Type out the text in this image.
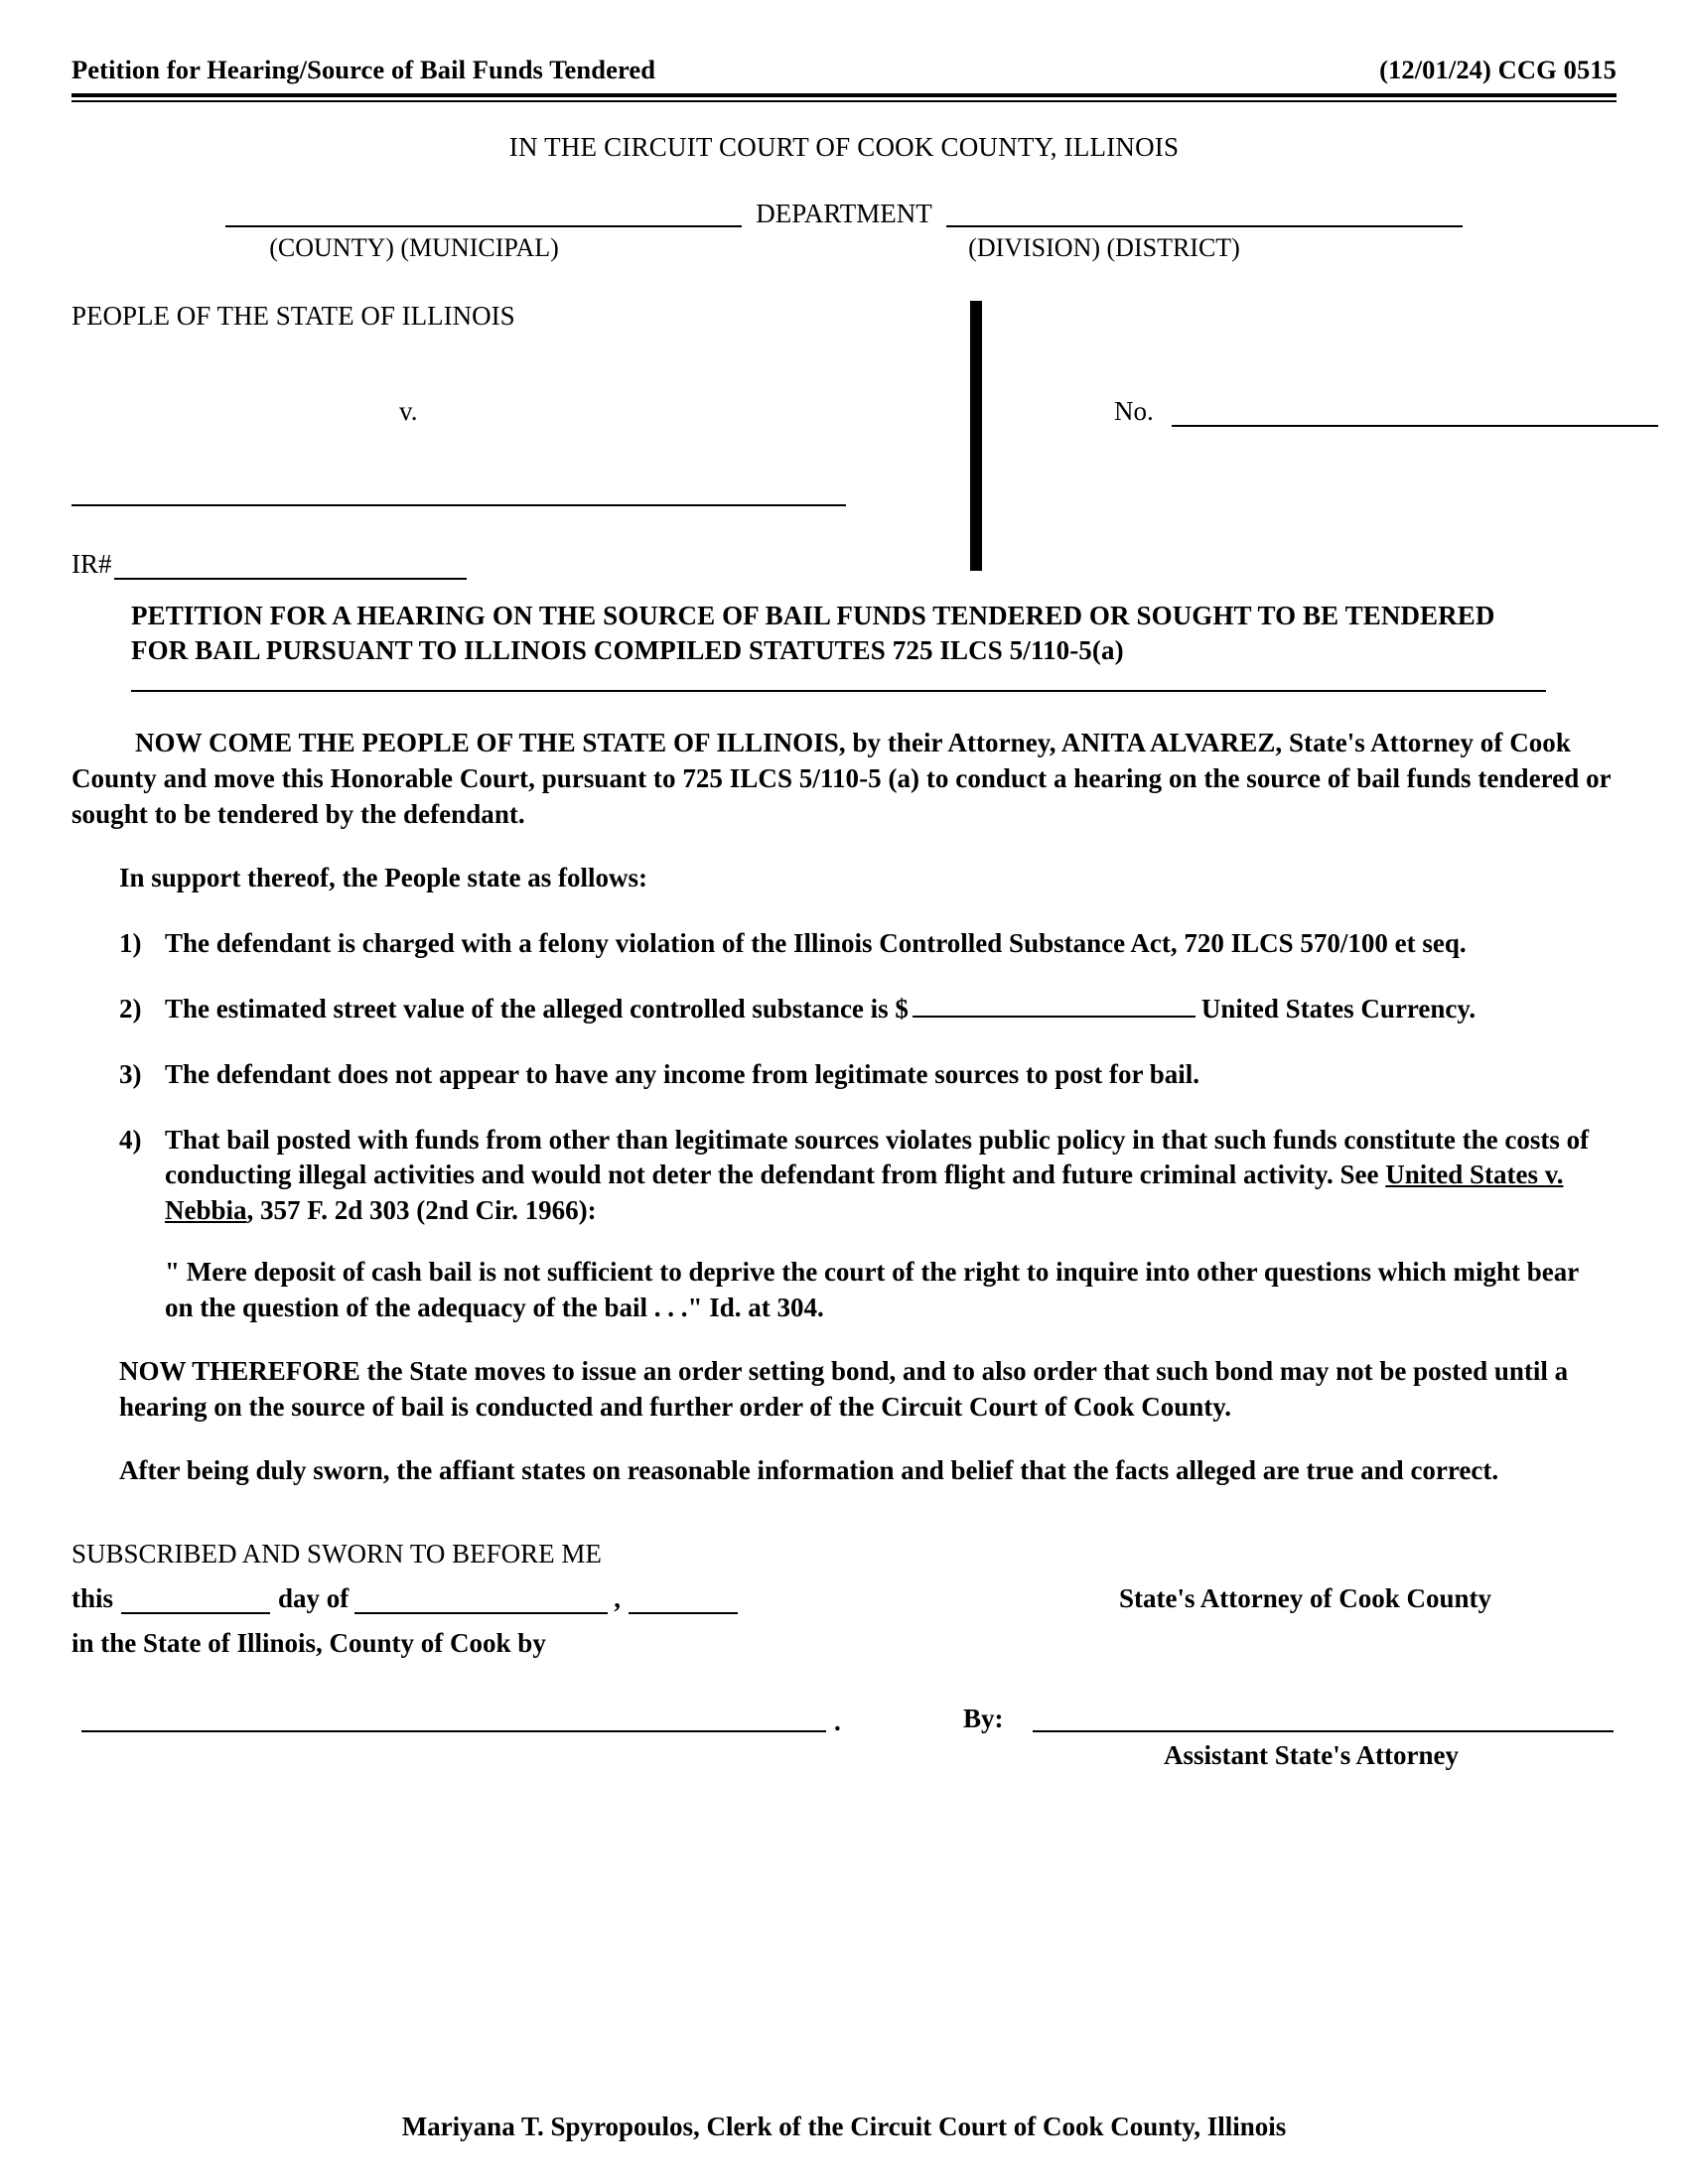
Petition for Hearing/Source of Bail Funds Tendered	(12/01/24) CCG 0515
IN THE CIRCUIT COURT OF COOK COUNTY, ILLINOIS
DEPARTMENT
(COUNTY) (MUNICIPAL)	(DIVISION) (DISTRICT)
PEOPLE OF THE STATE OF ILLINOIS
v.
IR#
No.
PETITION FOR A HEARING ON THE SOURCE OF BAIL FUNDS TENDERED OR SOUGHT TO BE TENDERED FOR BAIL PURSUANT TO ILLINOIS COMPILED STATUTES 725 ILCS 5/110-5(a)
NOW COME THE PEOPLE OF THE STATE OF ILLINOIS, by their Attorney, ANITA ALVAREZ, State's Attorney of Cook County and move this Honorable Court, pursuant to 725 ILCS 5/110-5 (a) to conduct a hearing on the source of bail funds tendered or sought to be tendered by the defendant.
In support thereof, the People state as follows:
1) The defendant is charged with a felony violation of the Illinois Controlled Substance Act, 720 ILCS 570/100 et seq.
2) The estimated street value of the alleged controlled substance is $	United States Currency.
3) The defendant does not appear to have any income from legitimate sources to post for bail.
4) That bail posted with funds from other than legitimate sources violates public policy in that such funds constitute the costs of conducting illegal activities and would not deter the defendant from flight and future criminal activity. See United States v. Nebbia, 357 F. 2d 303 (2nd Cir. 1966):
" Mere deposit of cash bail is not sufficient to deprive the court of the right to inquire into other questions which might bear on the question of the adequacy of the bail . . ." Id. at 304.
NOW THEREFORE the State moves to issue an order setting bond, and to also order that such bond may not be posted until a hearing on the source of bail is conducted and further order of the Circuit Court of Cook County.
After being duly sworn, the affiant states on reasonable information and belief that the facts alleged are true and correct.
SUBSCRIBED AND SWORN TO BEFORE ME
this	day of	,	State's Attorney of Cook County
in the State of Illinois, County of Cook by
.	By:
Assistant State's Attorney
Mariyana T. Spyropoulos, Clerk of the Circuit Court of Cook County, Illinois
